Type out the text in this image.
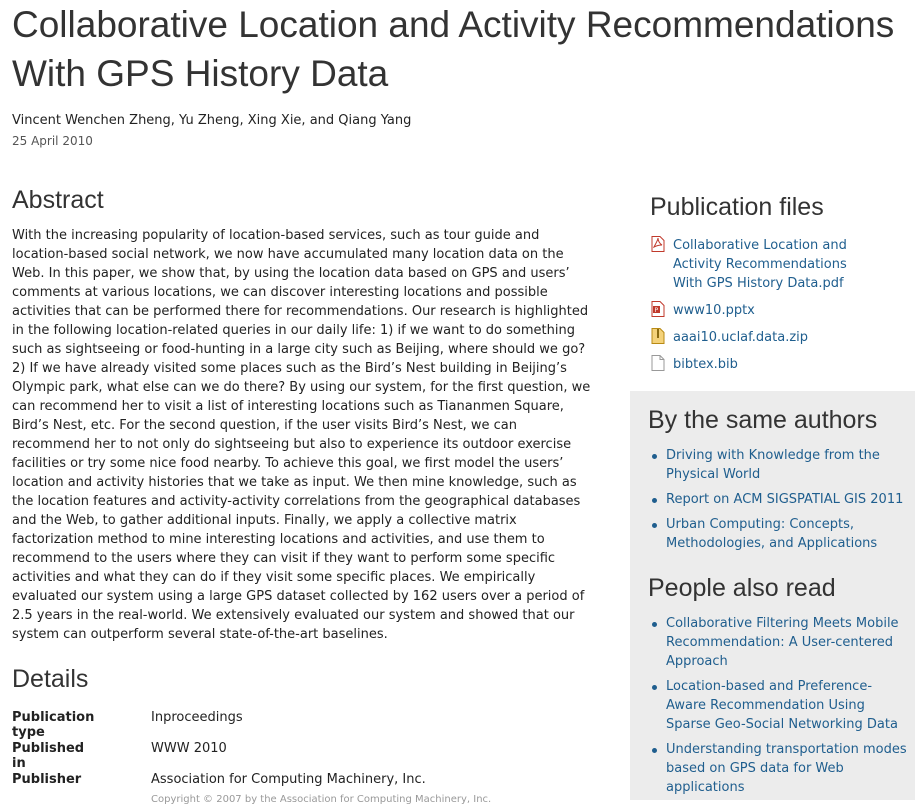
Collaborative Location and Activity Recommendations With GPS History Data
Vincent Wenchen Zheng, Yu Zheng, Xing Xie, and Qiang Yang
25 April 2010
Abstract

With the increasing popularity of location-based services, such as tour guide and location-based social network, we now have accumulated many location data on the Web. In this paper, we show that, by using the location data based on GPS and users’ comments at various locations, we can discover interesting locations and possible activities that can be performed there for recommendations. Our research is highlighted in the following location-related queries in our daily life: 1) if we want to do something such as sightseeing or food-hunting in a large city such as Beijing, where should we go? 2) If we have already visited some places such as the Bird’s Nest building in Beijing’s Olympic park, what else can we do there? By using our system, for the first question, we can recommend her to visit a list of interesting locations such as Tiananmen Square, Bird’s Nest, etc. For the second question, if the user visits Bird’s Nest, we can recommend her to not only do sightseeing but also to experience its outdoor exercise facilities or try some nice food nearby. To achieve this goal, we first model the users’ location and activity histories that we take as input. We then mine knowledge, such as the location features and activity-activity correlations from the geographical databases and the Web, to gather additional inputs. Finally, we apply a collective matrix factorization method to mine interesting locations and activities, and use them to recommend to the users where they can visit if they want to perform some specific activities and what they can do if they visit some specific places. We empirically evaluated our system using a large GPS dataset collected by 162 users over a period of 2.5 years in the real-world. We extensively evaluated our system and showed that our system can outperform several state-of-the-art baselines.

Details
Publication type
Inproceedings
Published in
WWW 2010
Publisher	Association for Computing Machinery, Inc.
Copyright © 2007 by the Association for Computing Machinery, Inc.
Publication files
Collaborative Location and Activity Recommendations With GPS History Data.pdf
P www10.pptx
aaai10.uclaf.data.zip
bibtex.bib
By the same authors
Driving with Knowledge from the Physical World
Report on ACM SIGSPATIAL GIS 2011
Urban Computing: Concepts, Methodologies, and Applications
People also read
Collaborative Filtering Meets Mobile Recommendation: A User-centered Approach
Location-based and Preference-Aware Recommendation Using Sparse Geo-Social Networking Data
Understanding transportation modes based on GPS data for Web applications
